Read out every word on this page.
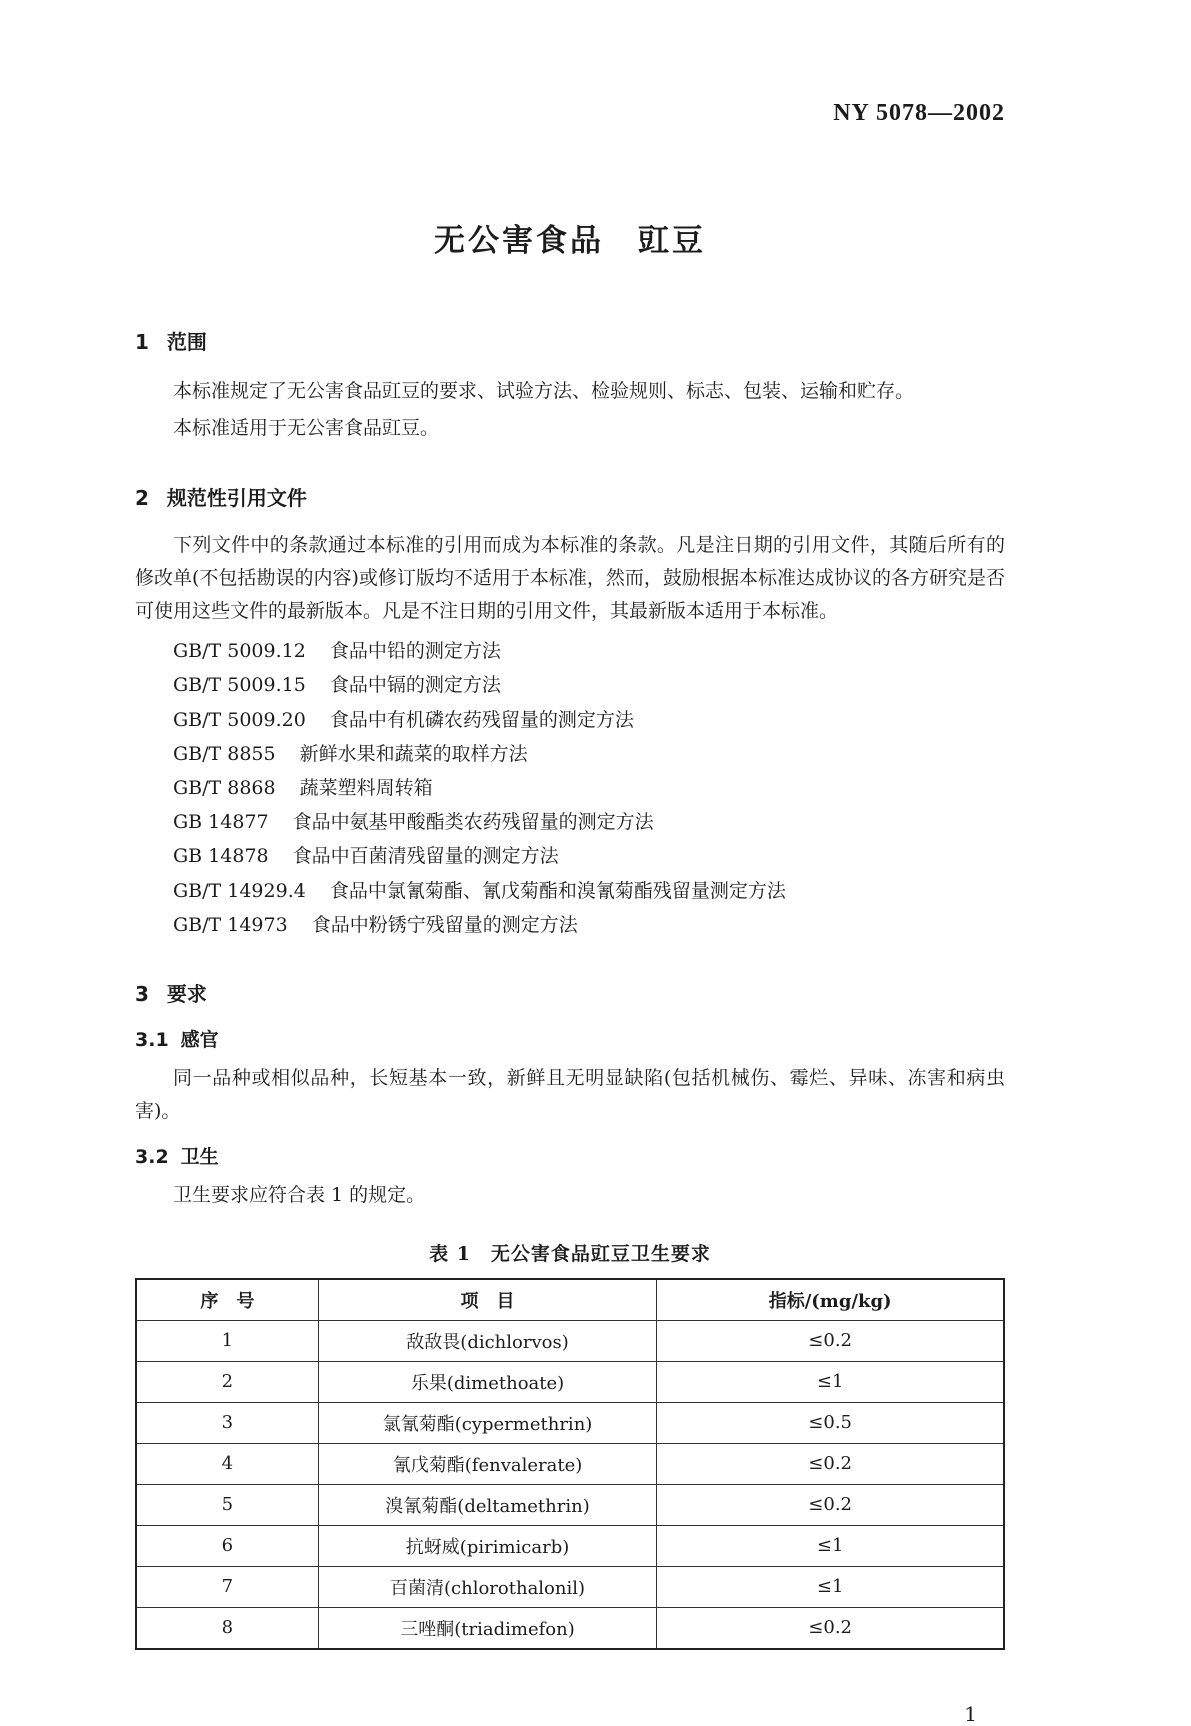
NY 5078—2002
无公害食品　豇豆
1 范围

本标准规定了无公害食品豇豆的要求、试验方法、检验规则、标志、包装、运输和贮存。

本标准适用于无公害食品豇豆。

2 规范性引用文件

下列文件中的条款通过本标准的引用而成为本标准的条款。凡是注日期的引用文件，其随后所有的修改单(不包括勘误的内容)或修订版均不适用于本标准，然而，鼓励根据本标准达成协议的各方研究是否可使用这些文件的最新版本。凡是不注日期的引用文件，其最新版本适用于本标准。

GB/T 5009.12 食品中铅的测定方法
GB/T 5009.15 食品中镉的测定方法
GB/T 5009.20 食品中有机磷农药残留量的测定方法
GB/T 8855 新鲜水果和蔬菜的取样方法
GB/T 8868 蔬菜塑料周转箱
GB 14877 食品中氨基甲酸酯类农药残留量的测定方法
GB 14878 食品中百菌清残留量的测定方法
GB/T 14929.4 食品中氯氰菊酯、氰戊菊酯和溴氰菊酯残留量测定方法
GB/T 14973 食品中粉锈宁残留量的测定方法
3 要求
3.1 感官

同一品种或相似品种，长短基本一致，新鲜且无明显缺陷(包括机械伤、霉烂、异味、冻害和病虫害)。

3.2 卫生

卫生要求应符合表 1 的规定。

表 1　无公害食品豇豆卫生要求
序　号	项　目	指标/(mg/kg)
1	敌敌畏(dichlorvos)	≤0.2
2	乐果(dimethoate)	≤1
3	氯氰菊酯(cypermethrin)	≤0.5
4	氰戊菊酯(fenvalerate)	≤0.2
5	溴氰菊酯(deltamethrin)	≤0.2
6	抗蚜威(pirimicarb)	≤1
7	百菌清(chlorothalonil)	≤1
8	三唑酮(triadimefon)	≤0.2
1
